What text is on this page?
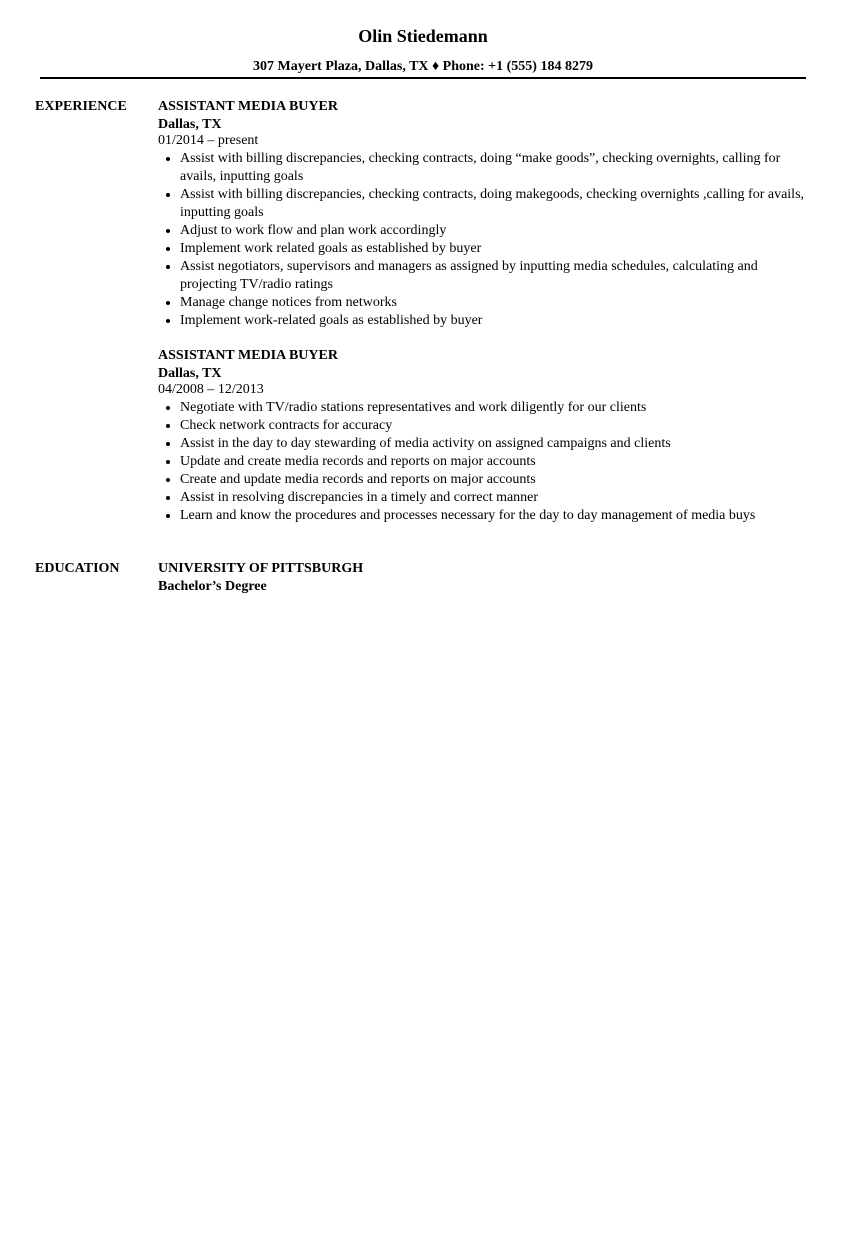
Olin Stiedemann
307 Mayert Plaza, Dallas, TX ♦ Phone: +1 (555) 184 8279
EXPERIENCE ASSISTANT MEDIA BUYER
Dallas, TX
01/2014 – present
Assist with billing discrepancies, checking contracts, doing “make goods”, checking overnights, calling for avails, inputting goals
Assist with billing discrepancies, checking contracts, doing makegoods, checking overnights ,calling for avails, inputting goals
Adjust to work flow and plan work accordingly
Implement work related goals as established by buyer
Assist negotiators, supervisors and managers as assigned by inputting media schedules, calculating and projecting TV/radio ratings
Manage change notices from networks
Implement work-related goals as established by buyer
ASSISTANT MEDIA BUYER
Dallas, TX
04/2008 – 12/2013
Negotiate with TV/radio stations representatives and work diligently for our clients
Check network contracts for accuracy
Assist in the day to day stewarding of media activity on assigned campaigns and clients
Update and create media records and reports on major accounts
Create and update media records and reports on major accounts
Assist in resolving discrepancies in a timely and correct manner
Learn and know the procedures and processes necessary for the day to day management of media buys
EDUCATION	UNIVERSITY OF PITTSBURGH
Bachelor’s Degree
